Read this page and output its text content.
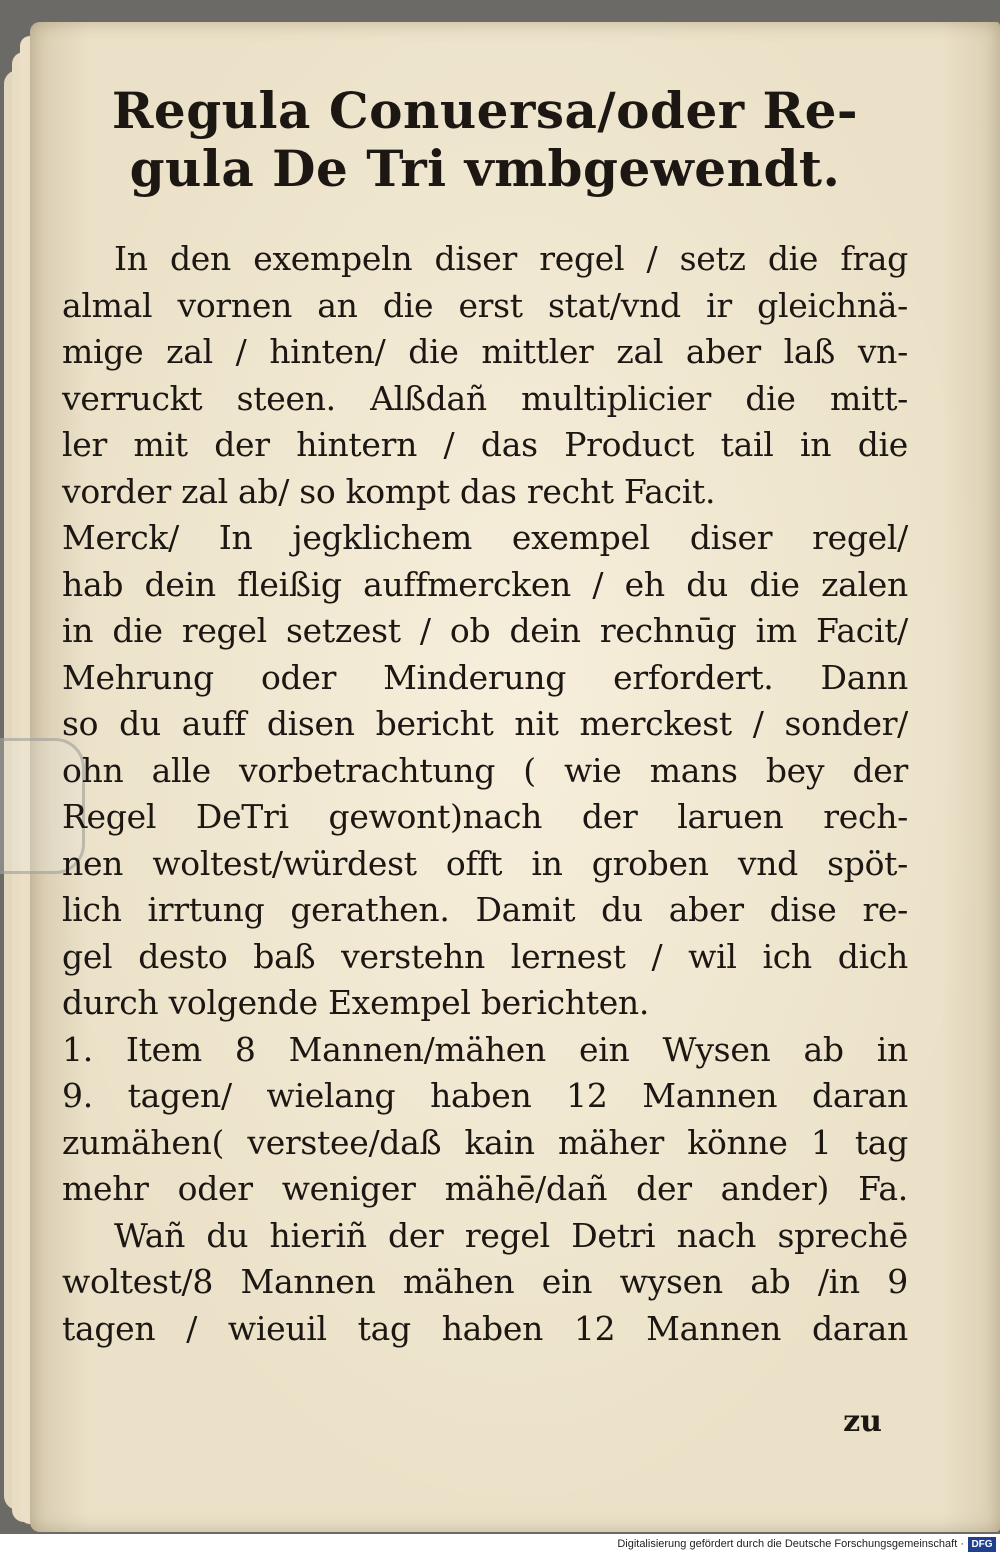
Regula Conuersa/oder Re-
gula De Tri vmbgewendt.
In den exempeln diser regel / setz die frag
almal vornen an die erst stat/vnd ir gleichnä-
mige zal / hinten/ die mittler zal aber laß vn-
verruckt steen. Alßdañ multiplicier die mitt-
ler mit der hintern / das Product tail in die
vorder zal ab/ so kompt das recht Facit.
Merck/ In jegklichem exempel diser regel/
hab dein fleißig auffmercken / eh du die zalen
in die regel setzest / ob dein rechnūg im Facit/
Mehrung oder Minderung erfordert. Dann
so du auff disen bericht nit merckest / sonder/
ohn alle vorbetrachtung ( wie mans bey der
Regel DeTri gewont)nach der laruen rech-
nen woltest/würdest offt in groben vnd spöt-
lich irrtung gerathen. Damit du aber dise re-
gel desto baß verstehn lernest / wil ich dich
durch volgende Exempel berichten.
1. Item 8 Mannen/mähen ein Wysen ab in
9. tagen/ wielang haben 12 Mannen daran
zumähen( verstee/daß kain mäher könne 1 tag
mehr oder weniger mähē/dañ der ander) Fa.
Wañ du hieriñ der regel Detri nach sprechē
woltest/8 Mannen mähen ein wysen ab /in 9
tagen / wieuil tag haben 12 Mannen daran
zu
Digitalisierung gefördert durch die Deutsche Forschungsgemeinschaft · DFG
